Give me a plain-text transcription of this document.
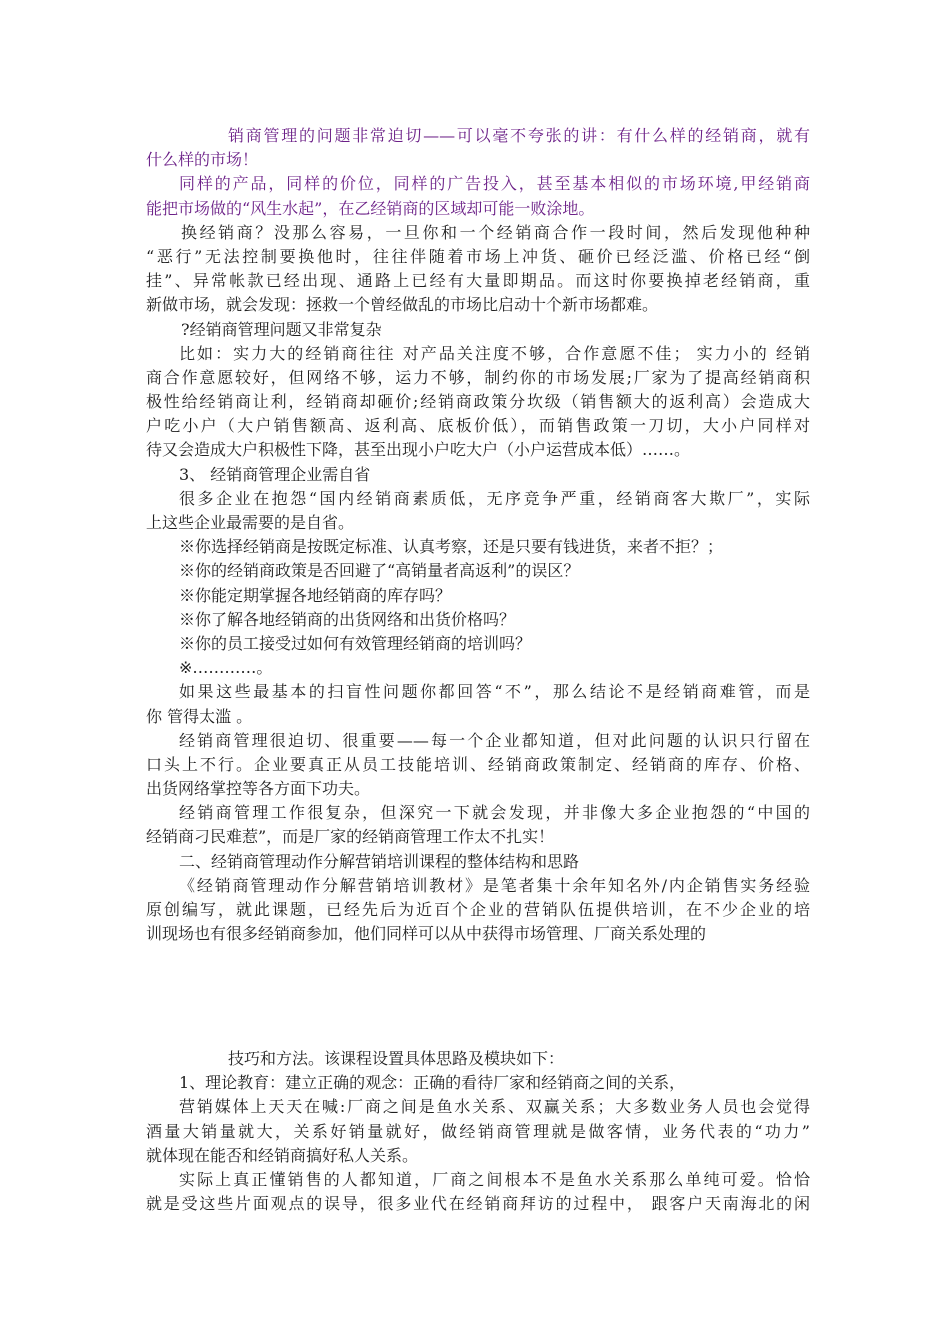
销商管理的问题非常迫切——可以毫不夸张的讲：有什么样的经销商，就有
什么样的市场！
同样的产品，同样的价位，同样的广告投入，甚至基本相似的市场环境,甲经销商
能把市场做的“风生水起”，在乙经销商的区域却可能一败涂地。
换经销商？没那么容易，一旦你和一个经销商合作一段时间，然后发现他种种
“恶行”无法控制要换他时，往往伴随着市场上冲货、砸价已经泛滥、价格已经“倒
挂”、异常帐款已经出现、通路上已经有大量即期品。而这时你要换掉老经销商，重
新做市场，就会发现：拯救一个曾经做乱的市场比启动十个新市场都难。
?经销商管理问题又非常复杂
比如：实力大的经销商往往 对产品关注度不够，合作意愿不佳； 实力小的 经销
商合作意愿较好，但网络不够，运力不够，制约你的市场发展;厂家为了提高经销商积
极性给经销商让利，经销商却砸价;经销商政策分坎级（销售额大的返利高）会造成大
户吃小户（大户销售额高、返利高、底板价低），而销售政策一刀切，大小户同样对
待又会造成大户积极性下降，甚至出现小户吃大户（小户运营成本低）……。
3、 经销商管理企业需自省
很多企业在抱怨“国内经销商素质低，无序竞争严重，经销商客大欺厂”，实际
上这些企业最需要的是自省。
※你选择经销商是按既定标准、认真考察，还是只要有钱进货，来者不拒？；
※你的经销商政策是否回避了“高销量者高返利”的误区？
※你能定期掌握各地经销商的库存吗？
※你了解各地经销商的出货网络和出货价格吗？
※你的员工接受过如何有效管理经销商的培训吗？
※…………。
如果这些最基本的扫盲性问题你都回答“不”，那么结论不是经销商难管，而是
你 管得太滥 。
经销商管理很迫切、很重要——每一个企业都知道，但对此问题的认识只行留在
口头上不行。企业要真正从员工技能培训、经销商政策制定、经销商的库存、价格、
出货网络掌控等各方面下功夫。
经销商管理工作很复杂，但深究一下就会发现，并非像大多企业抱怨的“中国的
经销商刁民难惹”，而是厂家的经销商管理工作太不扎实！
二、经销商管理动作分解营销培训课程的整体结构和思路
《经销商管理动作分解营销培训教材》是笔者集十余年知名外/内企销售实务经验
原创编写，就此课题，已经先后为近百个企业的营销队伍提供培训，在不少企业的培
训现场也有很多经销商参加，他们同样可以从中获得市场管理、厂商关系处理的
技巧和方法。该课程设置具体思路及模块如下：
1、理论教育：建立正确的观念：正确的看待厂家和经销商之间的关系，
营销媒体上天天在喊:厂商之间是鱼水关系、双赢关系；大多数业务人员也会觉得
酒量大销量就大，关系好销量就好，做经销商管理就是做客情，业务代表的“功力”
就体现在能否和经销商搞好私人关系。
实际上真正懂销售的人都知道，厂商之间根本不是鱼水关系那么单纯可爱。恰恰
就是受这些片面观点的误导，很多业代在经销商拜访的过程中， 跟客户天南海北的闲
